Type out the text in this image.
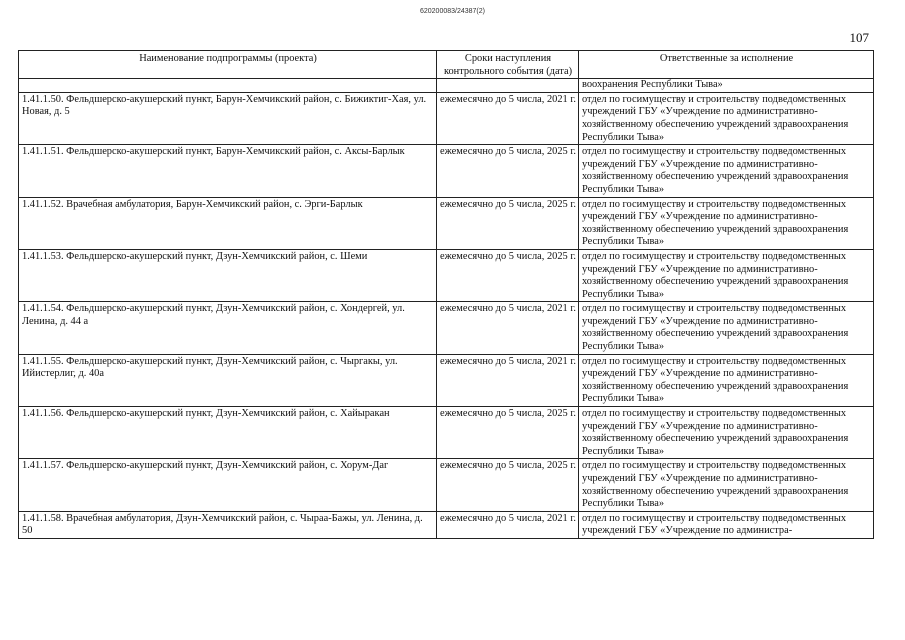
620200083/24387(2)
107
Наименование подпрограммы (проекта)	Сроки наступления контрольного события (дата)	Ответственные за исполнение
		воохранения Республики Тыва»
1.41.1.50. Фельдшерско-акушерский пункт, Барун-Хемчикский район, с. Бижиктиг-Хая, ул. Новая, д. 5	ежемесячно до 5 числа, 2021 г.	отдел по госимуществу и строительству подведомственных учреждений ГБУ «Учреждение по административно-хозяйственному обеспечению учреждений здравоохранения Республики Тыва»
1.41.1.51. Фельдшерско-акушерский пункт, Барун-Хемчикский район, с. Аксы-Барлык	ежемесячно до 5 числа, 2025 г.	отдел по госимуществу и строительству подведомственных учреждений ГБУ «Учреждение по административно-хозяйственному обеспечению учреждений здравоохранения Республики Тыва»
1.41.1.52. Врачебная амбулатория, Барун-Хемчикский район, с. Эрги-Барлык	ежемесячно до 5 числа, 2025 г.	отдел по госимуществу и строительству подведомственных учреждений ГБУ «Учреждение по административно-хозяйственному обеспечению учреждений здравоохранения Республики Тыва»
1.41.1.53. Фельдшерско-акушерский пункт, Дзун-Хемчикский район, с. Шеми	ежемесячно до 5 числа, 2025 г.	отдел по госимуществу и строительству подведомственных учреждений ГБУ «Учреждение по административно-хозяйственному обеспечению учреждений здравоохранения Республики Тыва»
1.41.1.54. Фельдшерско-акушерский пункт, Дзун-Хемчикский район, с. Хондергей, ул. Ленина, д. 44 а	ежемесячно до 5 числа, 2021 г.	отдел по госимуществу и строительству подведомственных учреждений ГБУ «Учреждение по административно-хозяйственному обеспечению учреждений здравоохранения Республики Тыва»
1.41.1.55. Фельдшерско-акушерский пункт, Дзун-Хемчикский район, с. Чыргакы, ул. Ийистерлиг, д. 40а	ежемесячно до 5 числа, 2021 г.	отдел по госимуществу и строительству подведомственных учреждений ГБУ «Учреждение по административно-хозяйственному обеспечению учреждений здравоохранения Республики Тыва»
1.41.1.56. Фельдшерско-акушерский пункт, Дзун-Хемчикский район, с. Хайыракан	ежемесячно до 5 числа, 2025 г.	отдел по госимуществу и строительству подведомственных учреждений ГБУ «Учреждение по административно-хозяйственному обеспечению учреждений здравоохранения Республики Тыва»
1.41.1.57. Фельдшерско-акушерский пункт, Дзун-Хемчикский район, с. Хорум-Даг	ежемесячно до 5 числа, 2025 г.	отдел по госимуществу и строительству подведомственных учреждений ГБУ «Учреждение по административно-хозяйственному обеспечению учреждений здравоохранения Республики Тыва»
1.41.1.58. Врачебная амбулатория, Дзун-Хемчикский район, с. Чыраа-Бажы, ул. Ленина, д. 50	ежемесячно до 5 числа, 2021 г.	отдел по госимуществу и строительству подведомственных учреждений ГБУ «Учреждение по администра-
